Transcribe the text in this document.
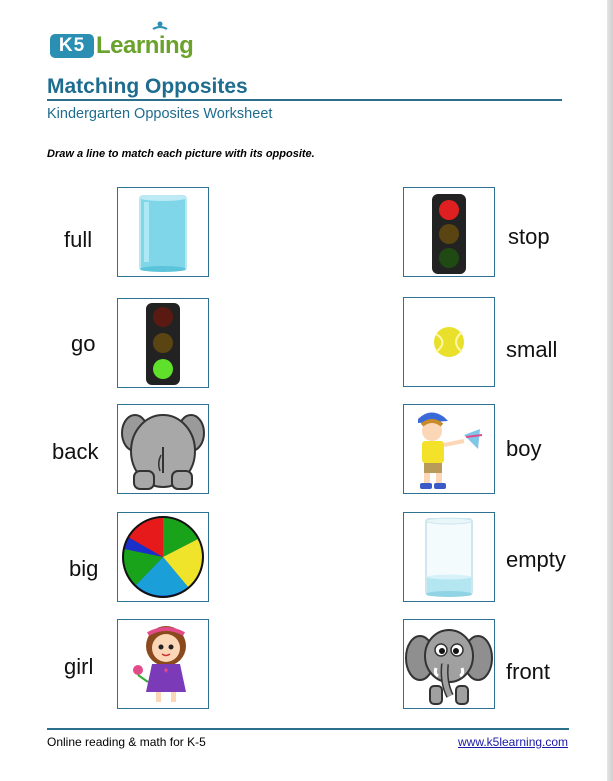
K5 Learning
Matching Opposites
Kindergarten Opposites Worksheet
Draw a line to match each picture with its opposite.
full
go
back
big
girl
stop
small
boy
empty
front
Online reading & math for K-5	www.k5learning.com
